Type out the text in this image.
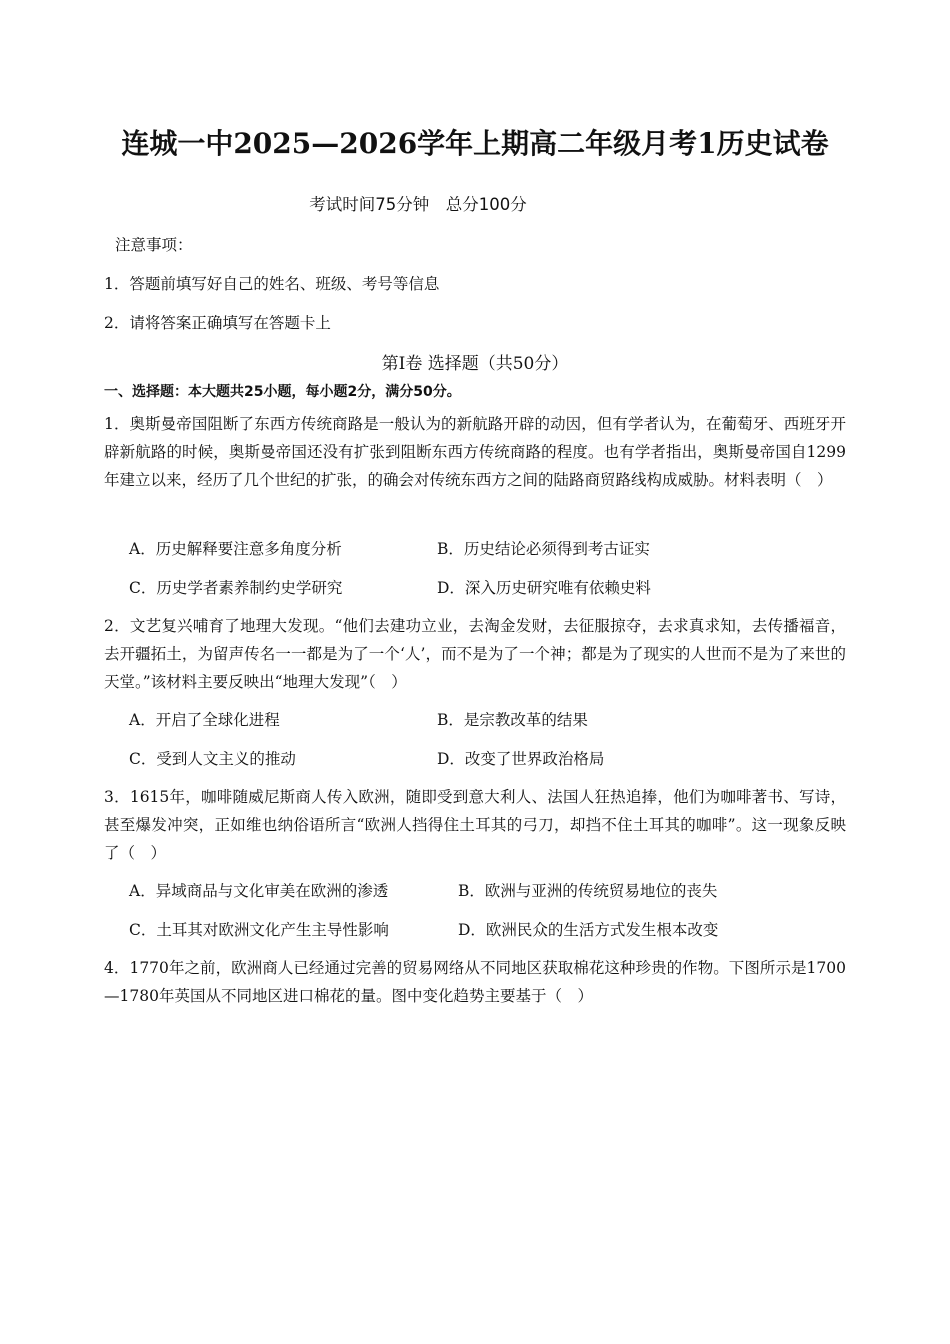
连城一中2025—2026学年上期高二年级月考1历史试卷
考试时间75分钟　总分100分
注意事项：
1．答题前填写好自己的姓名、班级、考号等信息
2．请将答案正确填写在答题卡上
第I卷 选择题（共50分）
一、选择题：本大题共25小题，每小题2分，满分50分。
1．奥斯曼帝国阻断了东西方传统商路是一般认为的新航路开辟的动因，但有学者认为，在葡萄牙、西班牙开辟新航路的时候，奥斯曼帝国还没有扩张到阻断东西方传统商路的程度。也有学者指出，奥斯曼帝国自1299年建立以来，经历了几个世纪的扩张，的确会对传统东西方之间的陆路商贸路线构成威胁。材料表明（　）
A．历史解释要注意多角度分析	B．历史结论必须得到考古证实
C．历史学者素养制约史学研究	D．深入历史研究唯有依赖史料
2．文艺复兴哺育了地理大发现。“他们去建功立业，去淘金发财，去征服掠夺，去求真求知，去传播福音，去开疆拓土，为留声传名一一都是为了一个‘人’，而不是为了一个神；都是为了现实的人世而不是为了来世的天堂。”该材料主要反映出“地理大发现”（　）
A．开启了全球化进程	B．是宗教改革的结果
C．受到人文主义的推动	D．改变了世界政治格局
3．1615年，咖啡随威尼斯商人传入欧洲，随即受到意大利人、法国人狂热追捧，他们为咖啡著书、写诗，甚至爆发冲突，正如维也纳俗语所言“欧洲人挡得住土耳其的弓刀，却挡不住土耳其的咖啡”。这一现象反映了（　）
A．异域商品与文化审美在欧洲的渗透	B．欧洲与亚洲的传统贸易地位的丧失
C．土耳其对欧洲文化产生主导性影响	D．欧洲民众的生活方式发生根本改变
4．1770年之前，欧洲商人已经通过完善的贸易网络从不同地区获取棉花这种珍贵的作物。下图所示是1700—1780年英国从不同地区进口棉花的量。图中变化趋势主要基于（　）
